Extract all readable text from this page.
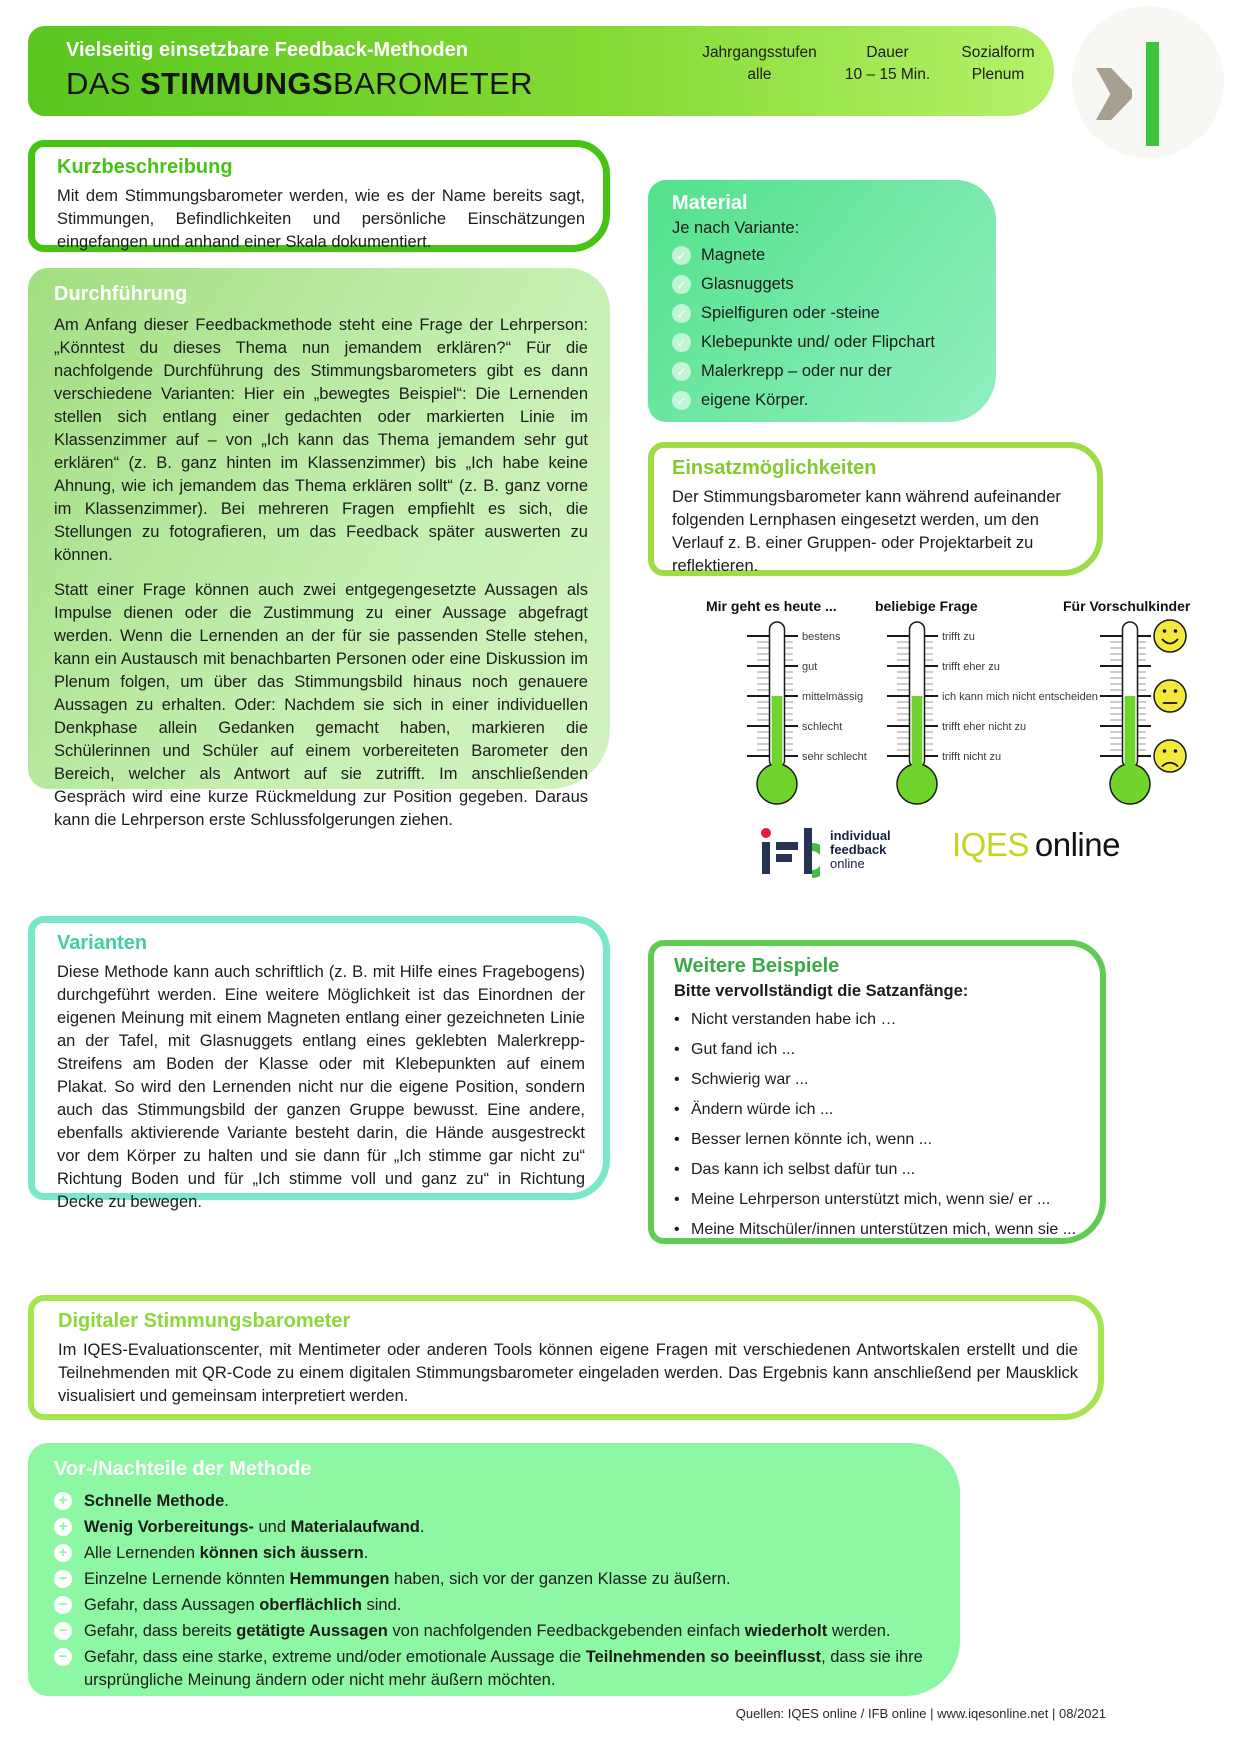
Vielseitig einsetzbare Feedback-Methoden
DAS STIMMUNGSBAROMETER
Jahrgangsstufen
alle
Dauer
10 – 15 Min.
Sozialform
Plenum
Kurzbeschreibung

Mit dem Stimmungsbarometer werden, wie es der Name bereits sagt, Stimmungen, Befindlichkeiten und persönliche Einschätzungen eingefangen und anhand einer Skala dokumentiert.

Durchführung

Am Anfang dieser Feedbackmethode steht eine Frage der Lehrperson: „Könntest du dieses Thema nun jemandem erklären?“ Für die nachfolgende Durchführung des Stimmungsbarometers gibt es dann verschiedene Varianten: Hier ein „bewegtes Beispiel“: Die Lernenden stellen sich entlang einer gedachten oder markierten Linie im Klassenzimmer auf – von „Ich kann das Thema jemandem sehr gut erklären“ (z. B. ganz hinten im Klassenzimmer) bis „Ich habe keine Ahnung, wie ich jemandem das Thema erklären sollt“ (z. B. ganz vorne im Klassenzimmer). Bei mehreren Fragen empfiehlt es sich, die Stellungen zu fotografieren, um das Feedback später auswerten zu können.

Statt einer Frage können auch zwei entgegengesetzte Aussagen als Impulse dienen oder die Zustimmung zu einer Aussage abgefragt werden. Wenn die Lernenden an der für sie passenden Stelle stehen, kann ein Austausch mit benachbarten Personen oder eine Diskussion im Plenum folgen, um über das Stimmungsbild hinaus noch genauere Aussagen zu erhalten. Oder: Nachdem sie sich in einer individuellen Denkphase allein Gedanken gemacht haben, markieren die Schülerinnen und Schüler auf einem vorbereiteten Barometer den Bereich, welcher als Antwort auf sie zutrifft. Im anschließenden Gespräch wird eine kurze Rückmeldung zur Position gegeben. Daraus kann die Lehrperson erste Schlussfolgerungen ziehen.

Material
Je nach Variante:
✓
Magnete
✓
Glasnuggets
✓
Spielfiguren oder -steine
✓
Klebepunkte und/ oder Flipchart
✓
Malerkrepp – oder nur der
✓
eigene Körper.
Einsatzmöglichkeiten

Der Stimmungsbarometer kann während aufeinander folgenden Lernphasen eingesetzt werden, um den Verlauf z. B. einer Gruppen- oder Projektarbeit zu reflektieren.

Mir geht es heute ...	beliebige Frage	Für Vorschulkinder
bestens
gut
mittelmässig
schlecht
sehr schlecht
trifft zu
trifft eher zu
ich kann mich nicht entscheiden
trifft eher nicht zu
trifft nicht zu
individual
feedback
online
IQES online
Varianten

Diese Methode kann auch schriftlich (z. B. mit Hilfe eines Fragebogens) durchgeführt werden. Eine weitere Möglichkeit ist das Einordnen der eigenen Meinung mit einem Magneten entlang einer gezeichneten Linie an der Tafel, mit Glasnuggets entlang eines geklebten Malerkrepp-Streifens am Boden der Klasse oder mit Klebepunkten auf einem Plakat. So wird den Lernenden nicht nur die eigene Position, sondern auch das Stimmungsbild der ganzen Gruppe bewusst. Eine andere, ebenfalls aktivierende Variante besteht darin, die Hände ausgestreckt vor dem Körper zu halten und sie dann für „Ich stimme gar nicht zu“ Richtung Boden und für „Ich stimme voll und ganz zu“ in Richtung Decke zu bewegen.

Weitere Beispiele
Bitte vervollständigt die Satzanfänge:
• Nicht verstanden habe ich …
• Gut fand ich ...
• Schwierig war ...
• Ändern würde ich ...
• Besser lernen könnte ich, wenn ...
• Das kann ich selbst dafür tun ...
• Meine Lehrperson unterstützt mich, wenn sie/ er ...
• Meine Mitschüler/innen unterstützen mich, wenn sie ...
Digitaler Stimmungsbarometer

Im IQES-Evaluationscenter, mit Mentimeter oder anderen Tools können eigene Fragen mit verschiedenen Antwortskalen erstellt und die Teilnehmenden mit QR-Code zu einem digitalen Stimmungsbarometer eingeladen werden. Das Ergebnis kann anschließend per Mausklick visualisiert und gemeinsam interpretiert werden.

Vor-/Nachteile der Methode
+
Schnelle Methode.
+
Wenig Vorbereitungs- und Materialaufwand.
+
Alle Lernenden können sich äussern.
−
Einzelne Lernende könnten Hemmungen haben, sich vor der ganzen Klasse zu äußern.
−
Gefahr, dass Aussagen oberflächlich sind.
−
Gefahr, dass bereits getätigte Aussagen von nachfolgenden Feedbackgebenden einfach wiederholt werden.
−
Gefahr, dass eine starke, extreme und/oder emotionale Aussage die Teilnehmenden so beeinflusst, dass sie ihre ursprüngliche Meinung ändern oder nicht mehr äußern möchten.
Quellen: IQES online / IFB online | www.iqesonline.net | 08/2021
